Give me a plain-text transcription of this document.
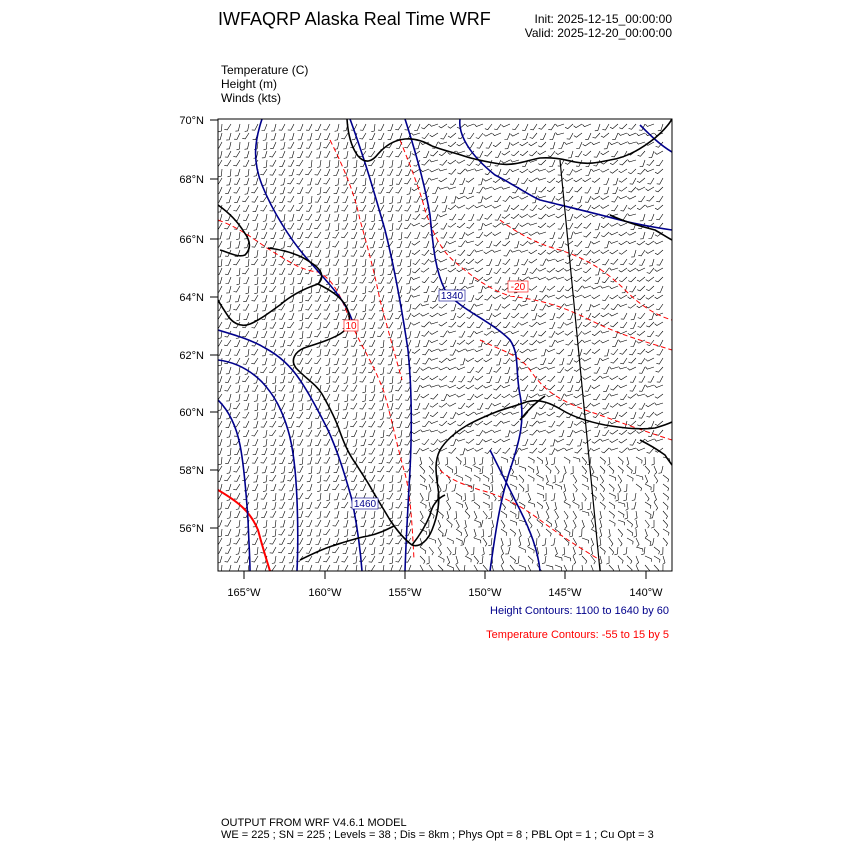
IWFAQRP Alaska Real Time WRF	Init: 2025-12-15_00:00:00
Valid: 2025-12-20_00:00:00
Temperature (C)
Height (m)
Winds (kts)
1340
1460
-20
10
70°N
68°N
66°N
64°N
62°N
60°N
58°N
56°N
165°W	160°W	155°W	150°W	145°W	140°W
Height Contours: 1100 to 1640 by 60
Temperature Contours: -55 to 15 by 5
OUTPUT FROM WRF V4.6.1 MODEL
WE = 225 ; SN = 225 ; Levels = 38 ; Dis = 8km ; Phys Opt = 8 ; PBL Opt = 1 ; Cu Opt = 3
